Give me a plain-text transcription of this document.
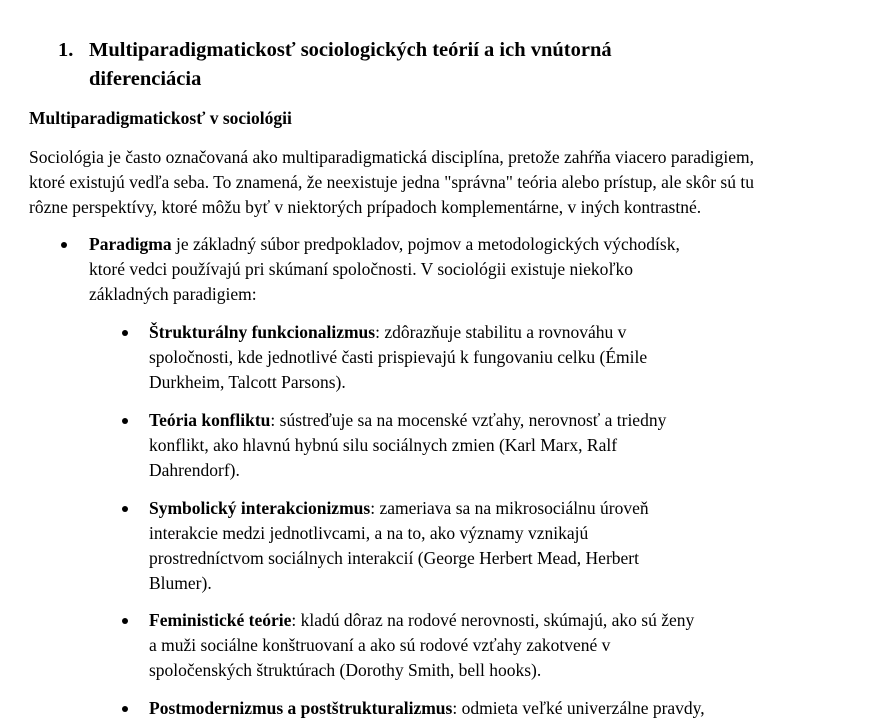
1. Multiparadigmatickosť sociologických teórií a ich vnútorná
diferenciácia
Multiparadigmatickosť v sociológii
Sociológia je často označovaná ako multiparadigmatická disciplína, pretože zahŕňa viacero paradigiem,
ktoré existujú vedľa seba. To znamená, že neexistuje jedna "správna" teória alebo prístup, ale skôr sú tu
rôzne perspektívy, ktoré môžu byť v niektorých prípadoch komplementárne, v iných kontrastné.
Paradigma je základný súbor predpokladov, pojmov a metodologických východísk,
ktoré vedci používajú pri skúmaní spoločnosti. V sociológii existuje niekoľko
základných paradigiem:
Štrukturálny funkcionalizmus: zdôrazňuje stabilitu a rovnováhu v
spoločnosti, kde jednotlivé časti prispievajú k fungovaniu celku (Émile
Durkheim, Talcott Parsons).
Teória konfliktu: sústreďuje sa na mocenské vzťahy, nerovnosť a triedny
konflikt, ako hlavnú hybnú silu sociálnych zmien (Karl Marx, Ralf
Dahrendorf).
Symbolický interakcionizmus: zameriava sa na mikrosociálnu úroveň
interakcie medzi jednotlivcami, a na to, ako významy vznikajú
prostredníctvom sociálnych interakcií (George Herbert Mead, Herbert
Blumer).
Feministické teórie: kladú dôraz na rodové nerovnosti, skúmajú, ako sú ženy
a muži sociálne konštruovaní a ako sú rodové vzťahy zakotvené v
spoločenských štruktúrach (Dorothy Smith, bell hooks).
Postmodernizmus a postštrukturalizmus: odmieta veľké univerzálne pravdy,
